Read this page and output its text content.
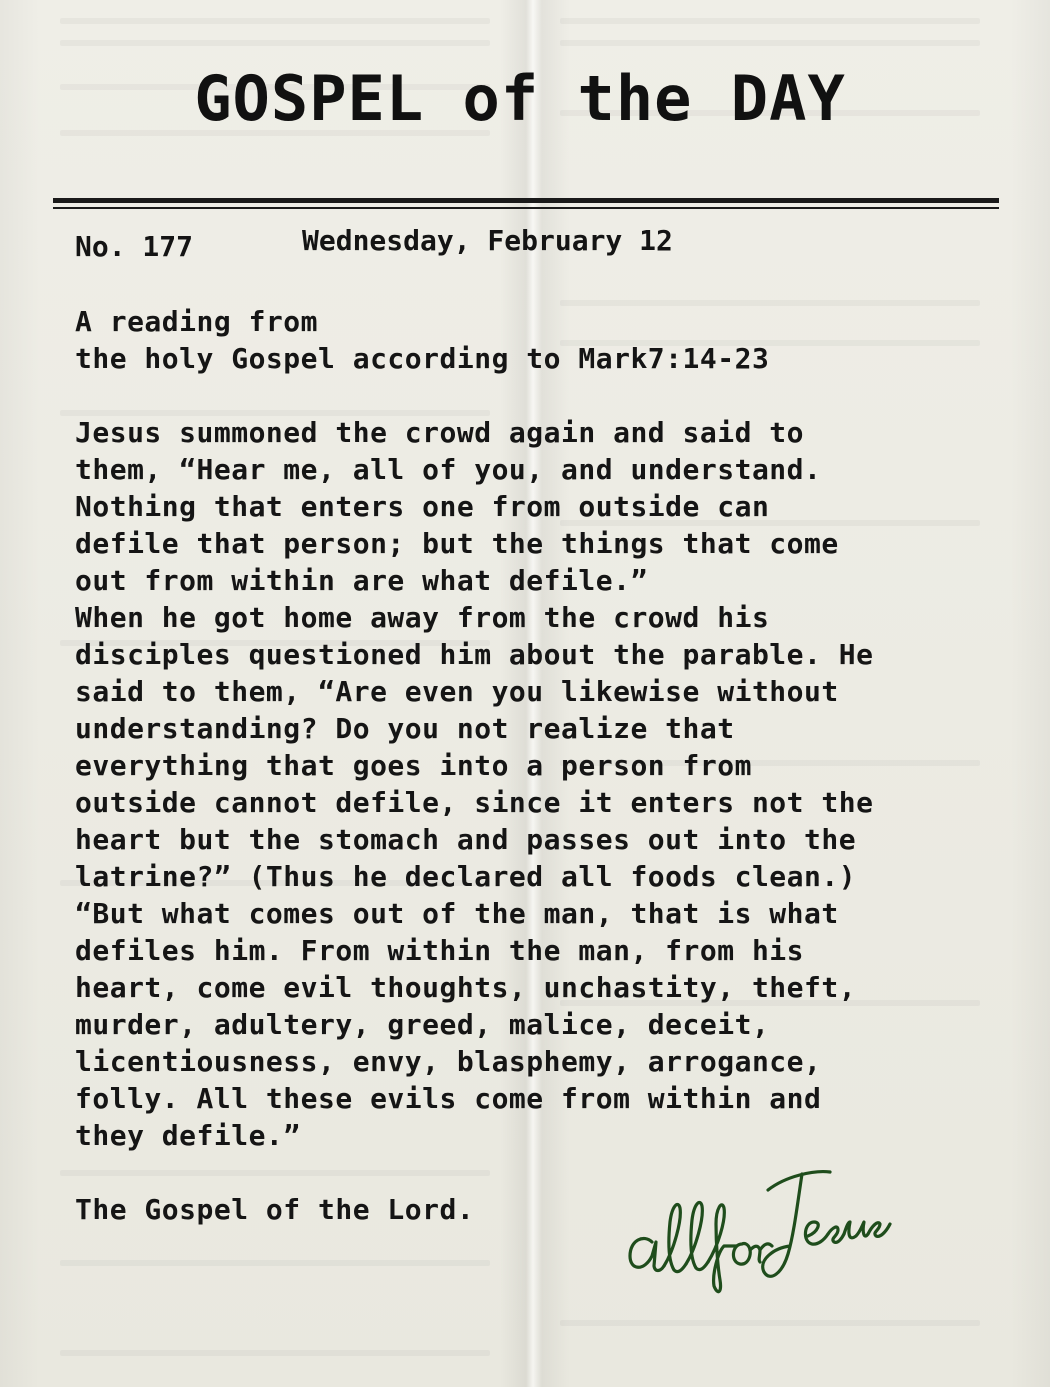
GOSPEL of the DAY
No. 177	Wednesday, February 12
A reading from
the holy Gospel according to Mark7:14-23
Jesus summoned the crowd again and said to
them, “Hear me, all of you, and understand.
Nothing that enters one from outside can
defile that person; but the things that come
out from within are what defile.”
When he got home away from the crowd his
disciples questioned him about the parable. He
said to them, “Are even you likewise without
understanding? Do you not realize that
everything that goes into a person from
outside cannot defile, since it enters not the
heart but the stomach and passes out into the
latrine?” (Thus he declared all foods clean.)
“But what comes out of the man, that is what
defiles him. From within the man, from his
heart, come evil thoughts, unchastity, theft,
murder, adultery, greed, malice, deceit,
licentiousness, envy, blasphemy, arrogance,
folly. All these evils come from within and
they defile.”
The Gospel of the Lord.
